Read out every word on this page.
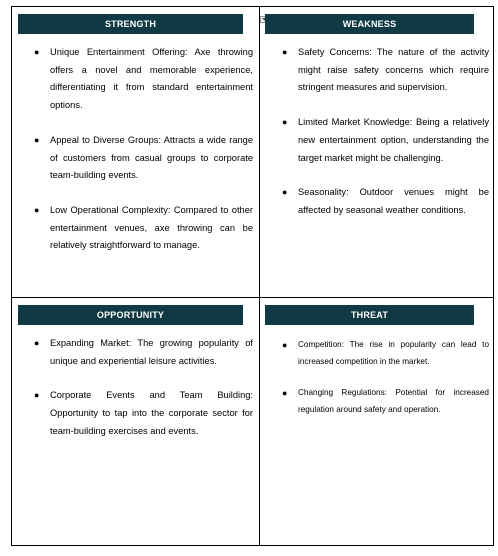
STRENGTH
● Unique Entertainment Offering: Axe throwing offers a novel and memorable experience, differentiating it from standard entertainment options.
● Appeal to Diverse Groups: Attracts a wide range of customers from casual groups to corporate team-building events.
● Low Operational Complexity: Compared to other entertainment venues, axe throwing can be relatively straightforward to manage.
WEAKNESS
● Safety Concerns: The nature of the activity might raise safety concerns which require stringent measures and supervision.
● Limited Market Knowledge: Being a relatively new entertainment option, understanding the target market might be challenging.
● Seasonality: Outdoor venues might be affected by seasonal weather conditions.
OPPORTUNITY
● Expanding Market: The growing popularity of unique and experiential leisure activities.
● Corporate Events and Team Building: Opportunity to tap into the corporate sector for team-building exercises and events.
THREAT
● Competition: The rise in popularity can lead to increased competition in the market.
● Changing Regulations: Potential for increased regulation around safety and operation.
